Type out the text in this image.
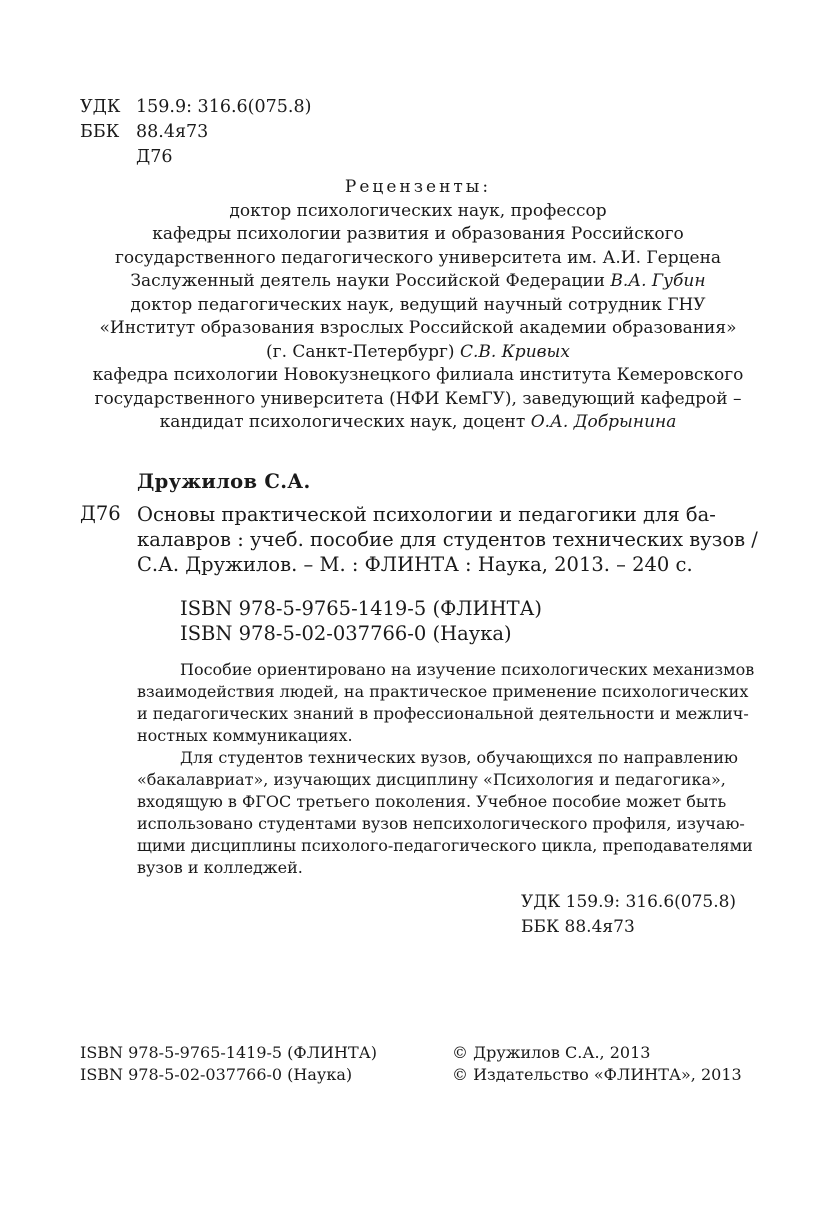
УДК 159.9: 316.6(075.8)
ББК 88.4я73
Д76
Рецензенты:
доктор психологических наук, профессор
кафедры психологии развития и образования Российского
государственного педагогического университета им. А.И. Герцена
Заслуженный деятель науки Российской Федерации В.А. Губин
доктор педагогических наук, ведущий научный сотрудник ГНУ
«Институт образования взрослых Российской академии образования»
(г. Санкт-Петербург) С.В. Кривых
кафедра психологии Новокузнецкого филиала института Кемеровского
государственного университета (НФИ КемГУ), заведующий кафедрой –
кандидат психологических наук, доцент О.А. Добрынина
Дружилов С.А.
Д76 Основы практической психологии и педагогики для ба-
калавров : учеб. пособие для студентов технических вузов /
С.А. Дружилов. – М. : ФЛИНТА : Наука, 2013. – 240 с.
ISBN 978-5-9765-1419-5 (ФЛИНТА)
ISBN 978-5-02-037766-0 (Наука)
Пособие ориентировано на изучение психологических механизмов
взаимодействия людей, на практическое применение психологических
и педагогических знаний в профессиональной деятельности и межлич-
ностных коммуникациях.
Для студентов технических вузов, обучающихся по направлению
«бакалавриат», изучающих дисциплину «Психология и педагогика»,
входящую в ФГОС третьего поколения. Учебное пособие может быть
использовано студентами вузов непсихологического профиля, изучаю-
щими дисциплины психолого-педагогического цикла, преподавателями
вузов и колледжей.
УДК 159.9: 316.6(075.8)
ББК 88.4я73
ISBN 978-5-9765-1419-5 (ФЛИНТА)
ISBN 978-5-02-037766-0 (Наука)
© Дружилов С.А., 2013
© Издательство «ФЛИНТА», 2013
